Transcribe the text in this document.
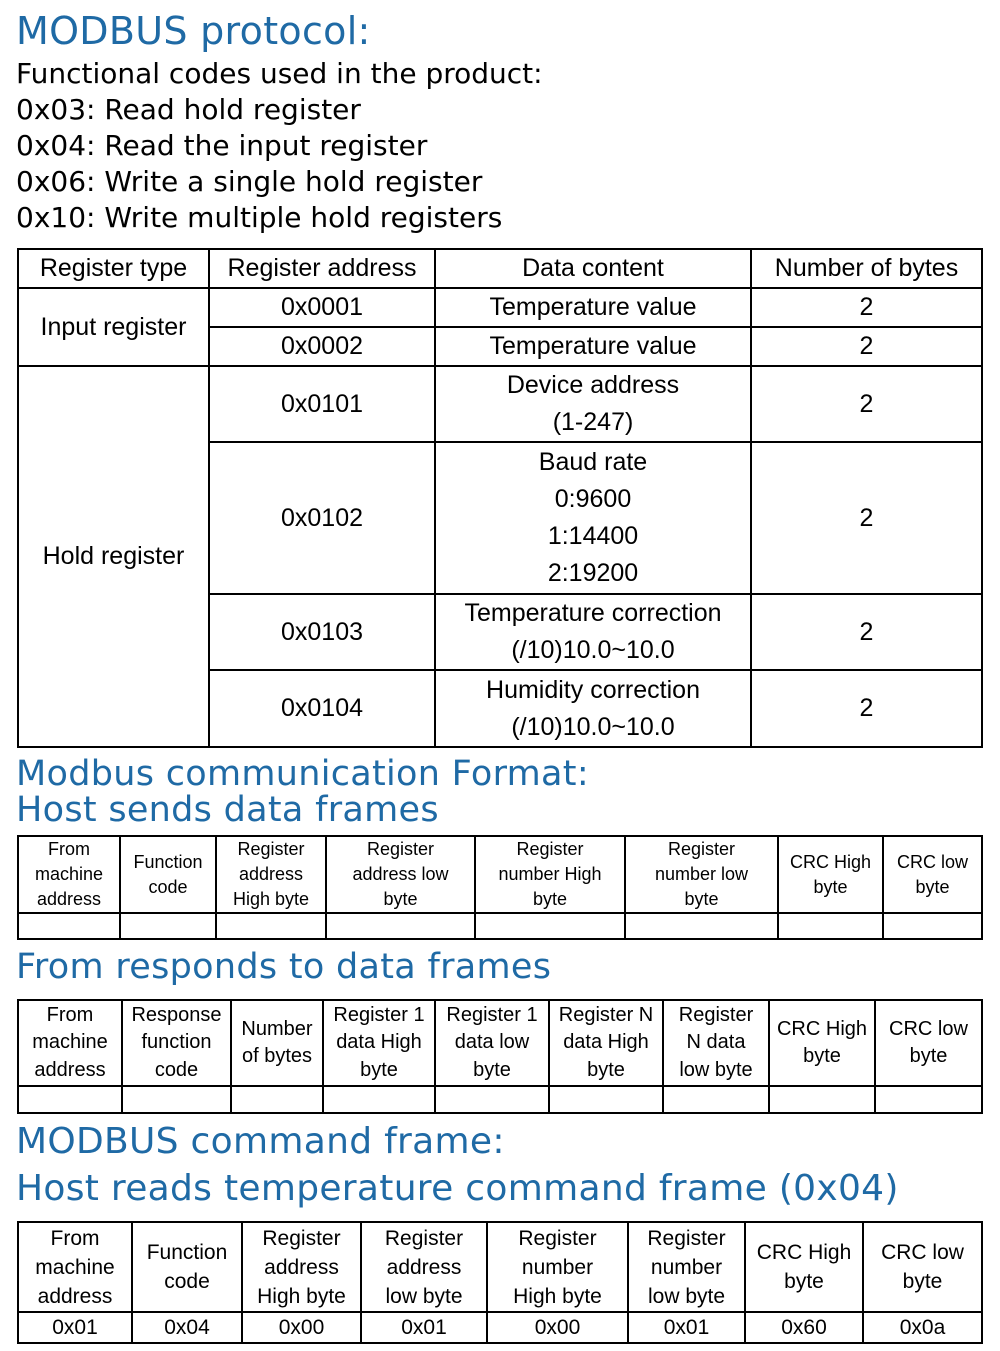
MODBUS protocol:

Functional codes used in the product:

0x03: Read hold register

0x04: Read the input register

0x06: Write a single hold register

0x10: Write multiple hold registers

Register type	Register address	Data content	Number of bytes
Input register	0x0001	Temperature value	2
	0x0002	Temperature value	2
Hold register	0x0101	Device address
(1-247)	2
	0x0102	Baud rate
0:9600
1:14400
2:19200	2
	0x0103	Temperature correction
(/10)10.0~10.0	2
	0x0104	Humidity correction
(/10)10.0~10.0	2
Modbus communication Format:
Host sends data frames
From
machine
address	Function
code	Register
address
High byte	Register
address low
byte	Register
number High
byte	Register
number low
byte	CRC High
byte	CRC low
byte

From responds to data frames
From
machine
address	Response
function
code	Number
of bytes	Register 1
data High
byte	Register 1
data low
byte	Register N
data High
byte	Register
N data
low byte	CRC High
byte	CRC low
byte

MODBUS command frame:
Host reads temperature command frame (0x04)
From
machine
address	Function
code	Register
address
High byte	Register
address
low byte	Register
number
High byte	Register
number
low byte	CRC High
byte	CRC low
byte
0x01	0x04	0x00	0x01	0x00	0x01	0x60	0x0a
